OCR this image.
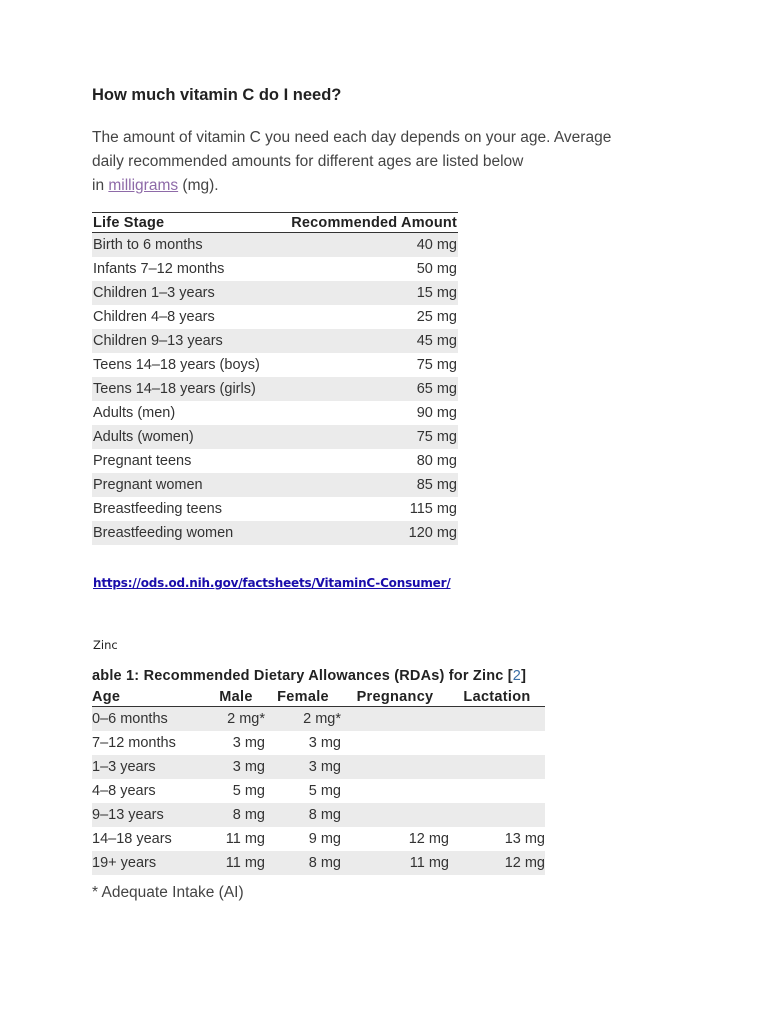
How much vitamin C do I need?

The amount of vitamin C you need each day depends on your age. Average
daily recommended amounts for different ages are listed below
in milligrams (mg).

Life Stage	Recommended Amount
Birth to 6 months	40 mg
Infants 7–12 months	50 mg
Children 1–3 years	15 mg
Children 4–8 years	25 mg
Children 9–13 years	45 mg
Teens 14–18 years (boys)	75 mg
Teens 14–18 years (girls)	65 mg
Adults (men)	90 mg
Adults (women)	75 mg
Pregnant teens	80 mg
Pregnant women	85 mg
Breastfeeding teens	115 mg
Breastfeeding women	120 mg
https://ods.od.nih.gov/factsheets/VitaminC-Consumer/
Zinc
able 1: Recommended Dietary Allowances (RDAs) for Zinc [2]
Age	Male	Female	Pregnancy	Lactation
0–6 months	2 mg*	2 mg*		
7–12 months	3 mg	3 mg		
1–3 years	3 mg	3 mg		
4–8 years	5 mg	5 mg		
9–13 years	8 mg	8 mg		
14–18 years	11 mg	9 mg	12 mg	13 mg
19+ years	11 mg	8 mg	11 mg	12 mg
* Adequate Intake (AI)
